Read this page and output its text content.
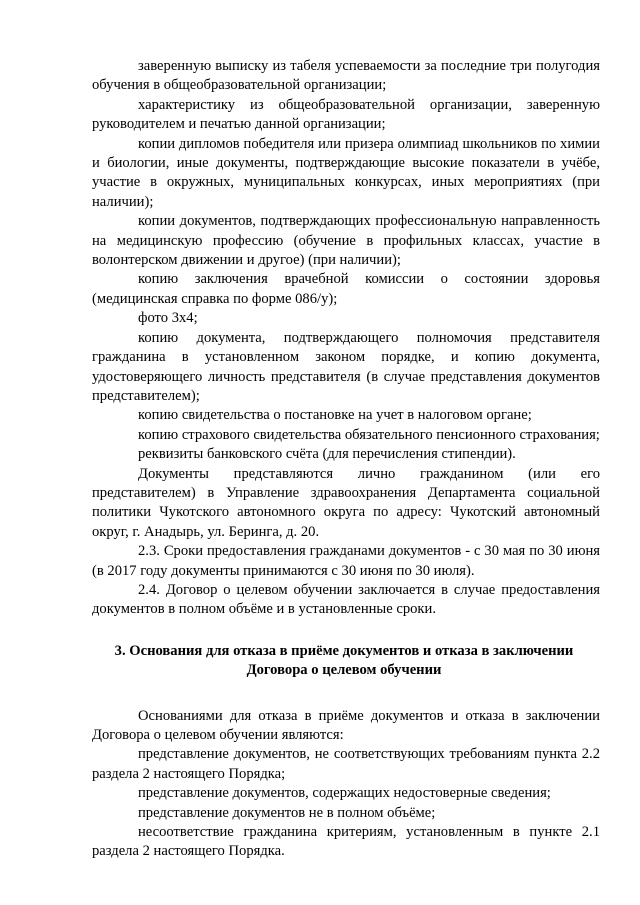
заверенную выписку из табеля успеваемости за последние три полугодия обучения в общеобразовательной организации;

характеристику из общеобразовательной организации, заверенную руководителем и печатью данной организации;

копии дипломов победителя или призера олимпиад школьников по химии и биологии, иные документы, подтверждающие высокие показатели в учёбе, участие в окружных, муниципальных конкурсах, иных мероприятиях (при наличии);

копии документов, подтверждающих профессиональную направленность на медицинскую профессию (обучение в профильных классах, участие в волонтерском движении и другое) (при наличии);

копию заключения врачебной комиссии о состоянии здоровья (медицинская справка по форме 086/у);

фото 3х4;

копию документа, подтверждающего полномочия представителя гражданина в установленном законом порядке, и копию документа, удостоверяющего личность представителя (в случае представления документов представителем);

копию свидетельства о постановке на учет в налоговом органе;

копию страхового свидетельства обязательного пенсионного страхования;

реквизиты банковского счёта (для перечисления стипендии).

Документы представляются лично гражданином (или его представителем) в Управление здравоохранения Департамента социальной политики Чукотского автономного округа по адресу: Чукотский автономный округ, г. Анадырь, ул. Беринга, д. 20.

2.3. Сроки предоставления гражданами документов - с 30 мая по 30 июня (в 2017 году документы принимаются с 30 июня по 30 июля).

2.4. Договор о целевом обучении заключается в случае предоставления документов в полном объёме и в установленные сроки.

3. Основания для отказа в приёме документов и отказа в заключении
Договора о целевом обучении

Основаниями для отказа в приёме документов и отказа в заключении Договора о целевом обучении являются:

представление документов, не соответствующих требованиям пункта 2.2 раздела 2 настоящего Порядка;

представление документов, содержащих недостоверные сведения;

представление документов не в полном объёме;

несоответствие гражданина критериям, установленным в пункте 2.1 раздела 2 настоящего Порядка.
